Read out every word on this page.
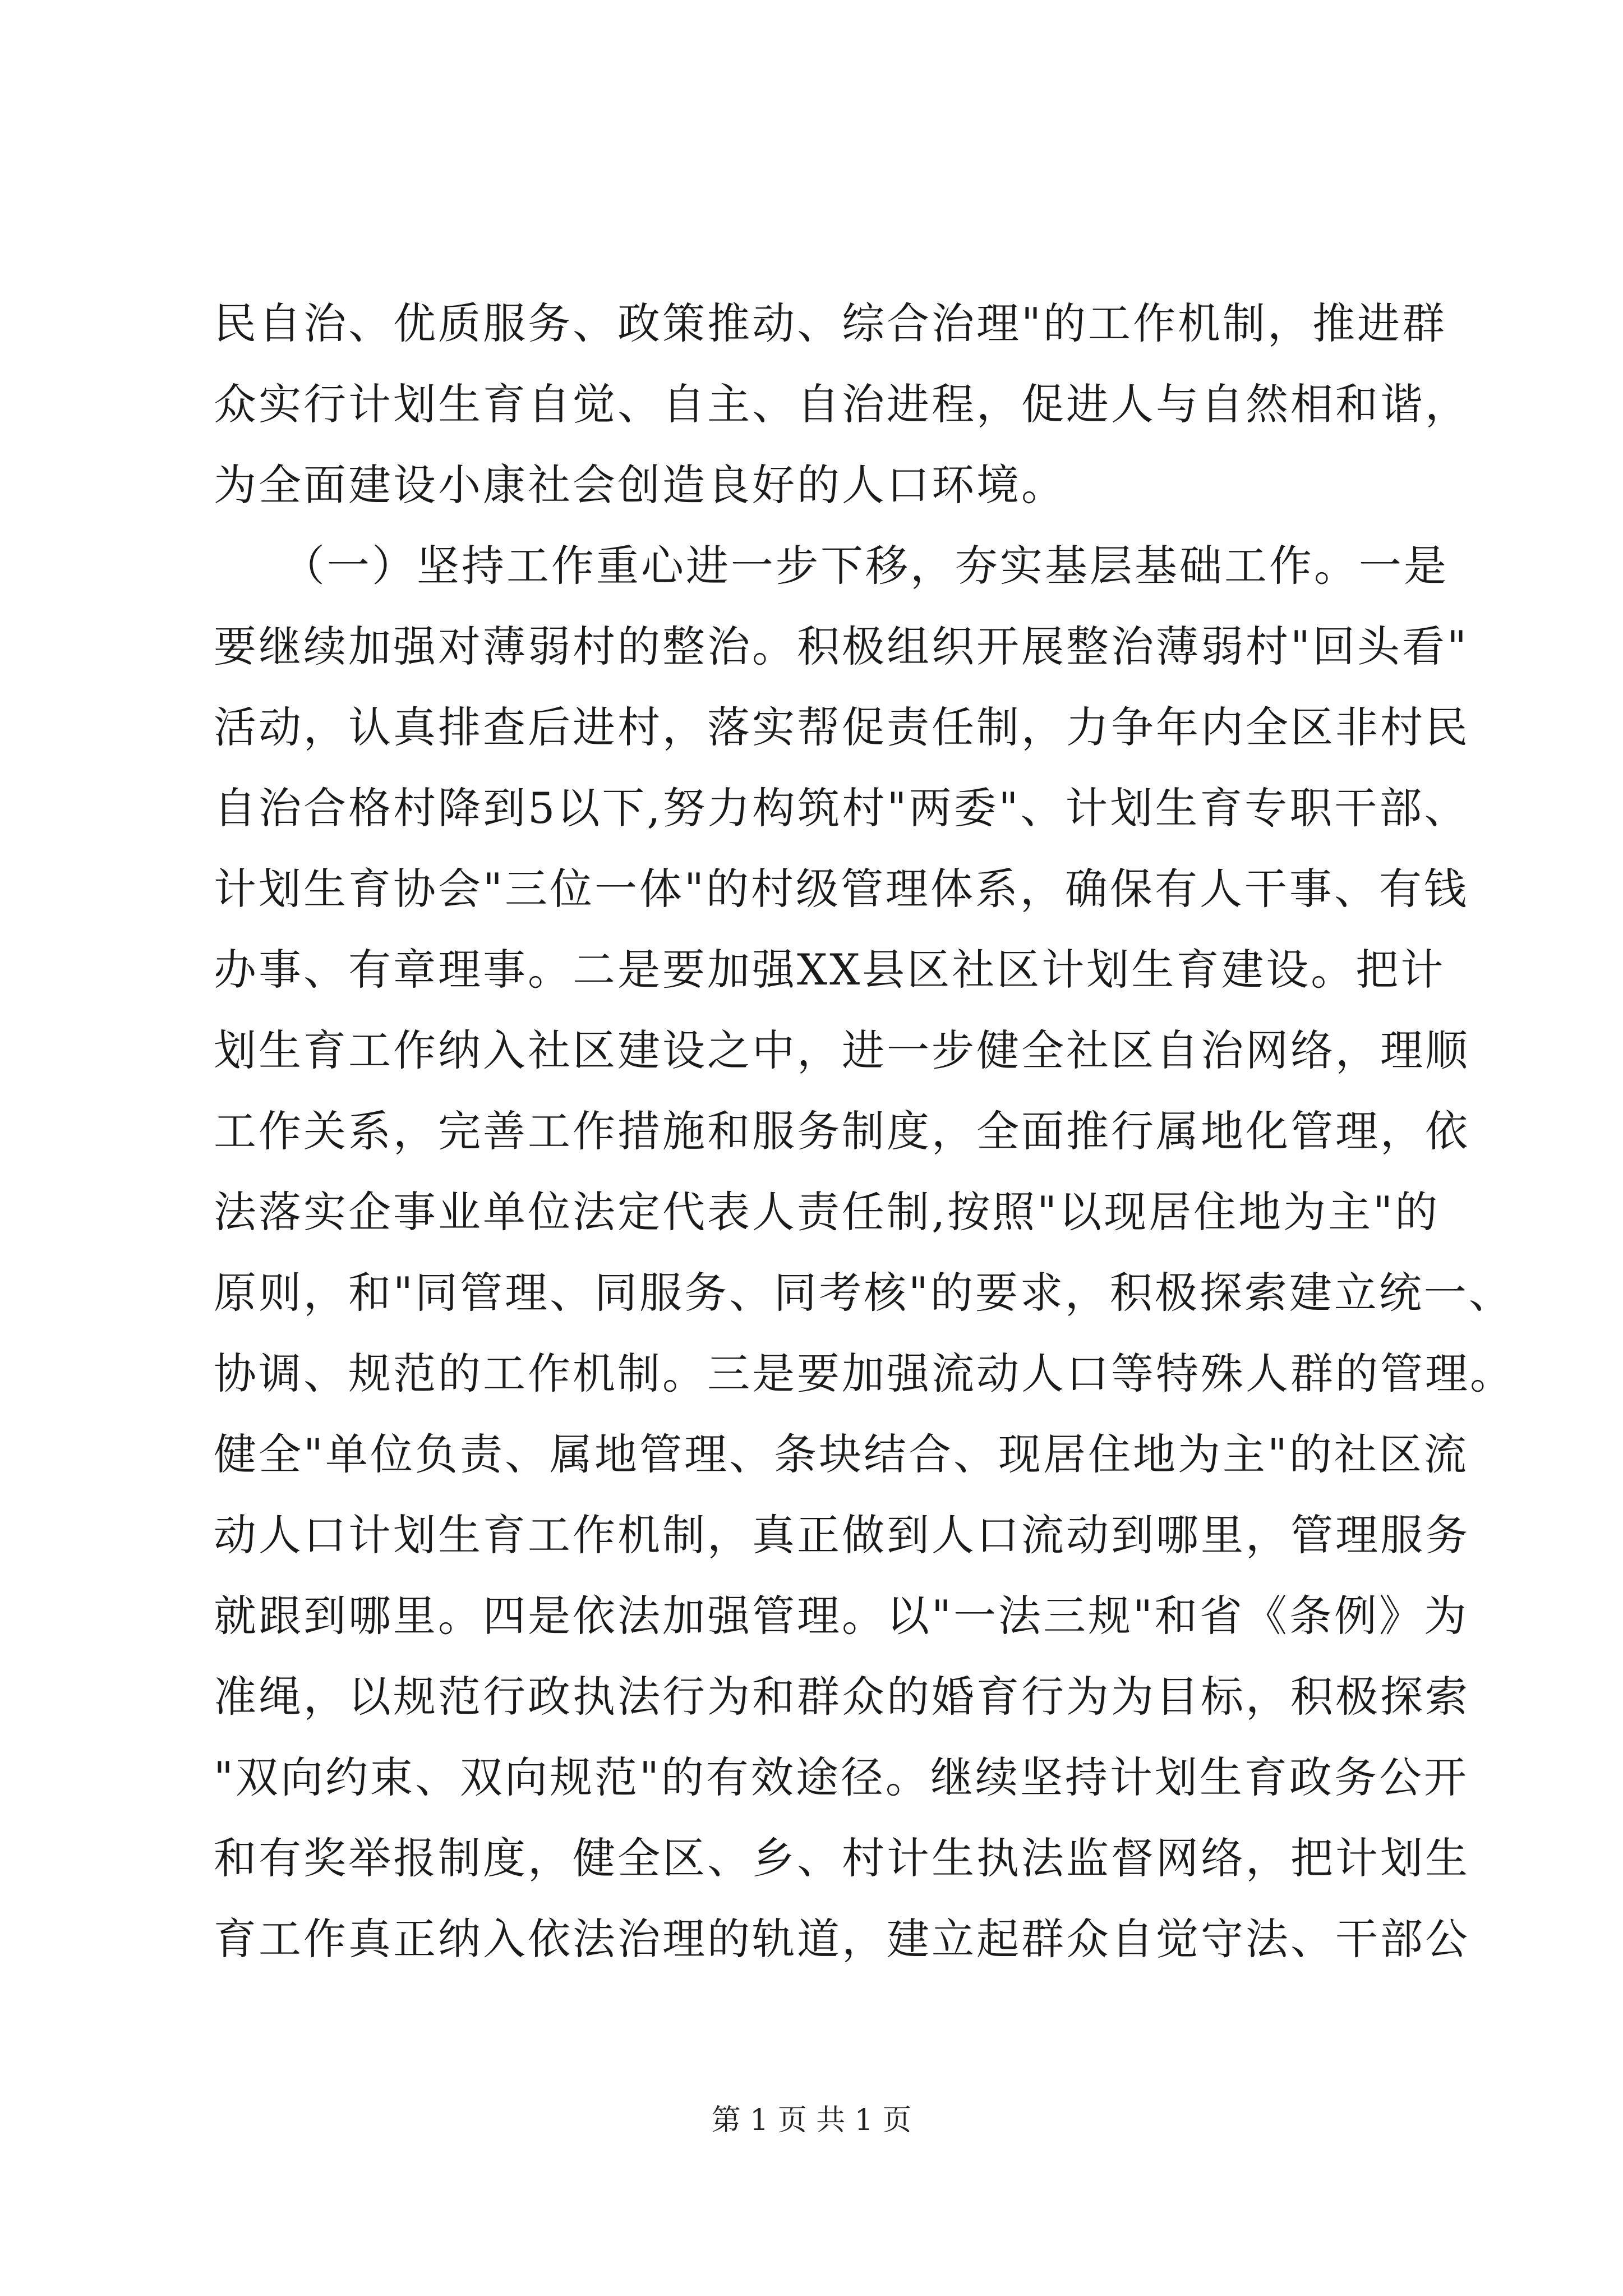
民自治、优质服务、政策推动、综合治理"的工作机制，推进群
众实行计划生育自觉、自主、自治进程，促进人与自然相和谐，
为全面建设小康社会创造良好的人口环境。
　　（一）坚持工作重心进一步下移，夯实基层基础工作。一是
要继续加强对薄弱村的整治。积极组织开展整治薄弱村"回头看"
活动，认真排查后进村，落实帮促责任制，力争年内全区非村民
自治合格村降到5以下,努力构筑村"两委"、计划生育专职干部、
计划生育协会"三位一体"的村级管理体系，确保有人干事、有钱
办事、有章理事。二是要加强XX县区社区计划生育建设。把计
划生育工作纳入社区建设之中，进一步健全社区自治网络，理顺
工作关系，完善工作措施和服务制度，全面推行属地化管理，依
法落实企事业单位法定代表人责任制,按照"以现居住地为主"的
原则，和"同管理、同服务、同考核"的要求，积极探索建立统一、
协调、规范的工作机制。三是要加强流动人口等特殊人群的管理。
健全"单位负责、属地管理、条块结合、现居住地为主"的社区流
动人口计划生育工作机制，真正做到人口流动到哪里，管理服务
就跟到哪里。四是依法加强管理。以"一法三规"和省《条例》为
准绳，以规范行政执法行为和群众的婚育行为为目标，积极探索
"双向约束、双向规范"的有效途径。继续坚持计划生育政务公开
和有奖举报制度，健全区、乡、村计生执法监督网络，把计划生
育工作真正纳入依法治理的轨道，建立起群众自觉守法、干部公
第 1 页 共 1 页
